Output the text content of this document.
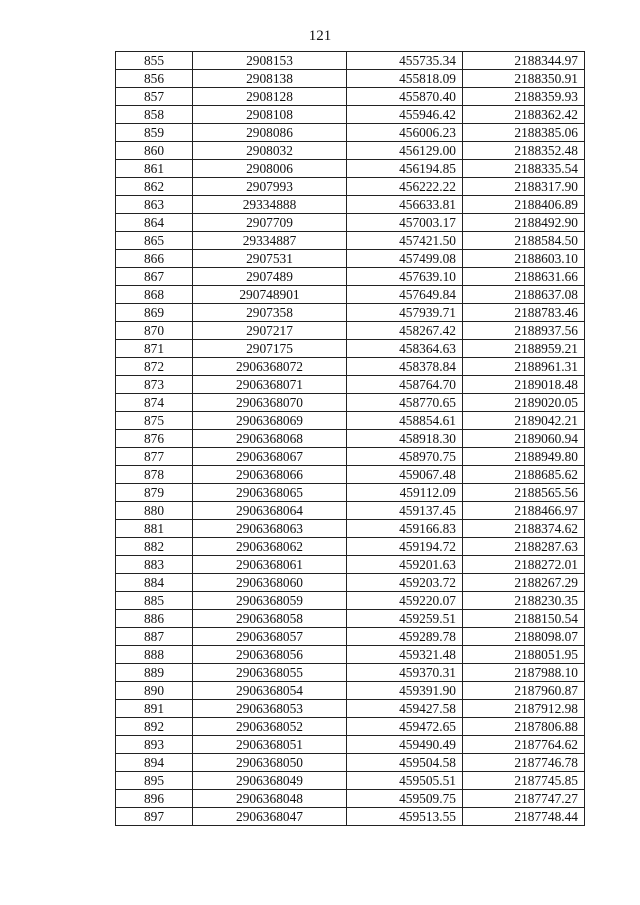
121
855	2908153	455735.34	2188344.97
856	2908138	455818.09	2188350.91
857	2908128	455870.40	2188359.93
858	2908108	455946.42	2188362.42
859	2908086	456006.23	2188385.06
860	2908032	456129.00	2188352.48
861	2908006	456194.85	2188335.54
862	2907993	456222.22	2188317.90
863	29334888	456633.81	2188406.89
864	2907709	457003.17	2188492.90
865	29334887	457421.50	2188584.50
866	2907531	457499.08	2188603.10
867	2907489	457639.10	2188631.66
868	290748901	457649.84	2188637.08
869	2907358	457939.71	2188783.46
870	2907217	458267.42	2188937.56
871	2907175	458364.63	2188959.21
872	2906368072	458378.84	2188961.31
873	2906368071	458764.70	2189018.48
874	2906368070	458770.65	2189020.05
875	2906368069	458854.61	2189042.21
876	2906368068	458918.30	2189060.94
877	2906368067	458970.75	2188949.80
878	2906368066	459067.48	2188685.62
879	2906368065	459112.09	2188565.56
880	2906368064	459137.45	2188466.97
881	2906368063	459166.83	2188374.62
882	2906368062	459194.72	2188287.63
883	2906368061	459201.63	2188272.01
884	2906368060	459203.72	2188267.29
885	2906368059	459220.07	2188230.35
886	2906368058	459259.51	2188150.54
887	2906368057	459289.78	2188098.07
888	2906368056	459321.48	2188051.95
889	2906368055	459370.31	2187988.10
890	2906368054	459391.90	2187960.87
891	2906368053	459427.58	2187912.98
892	2906368052	459472.65	2187806.88
893	2906368051	459490.49	2187764.62
894	2906368050	459504.58	2187746.78
895	2906368049	459505.51	2187745.85
896	2906368048	459509.75	2187747.27
897	2906368047	459513.55	2187748.44
